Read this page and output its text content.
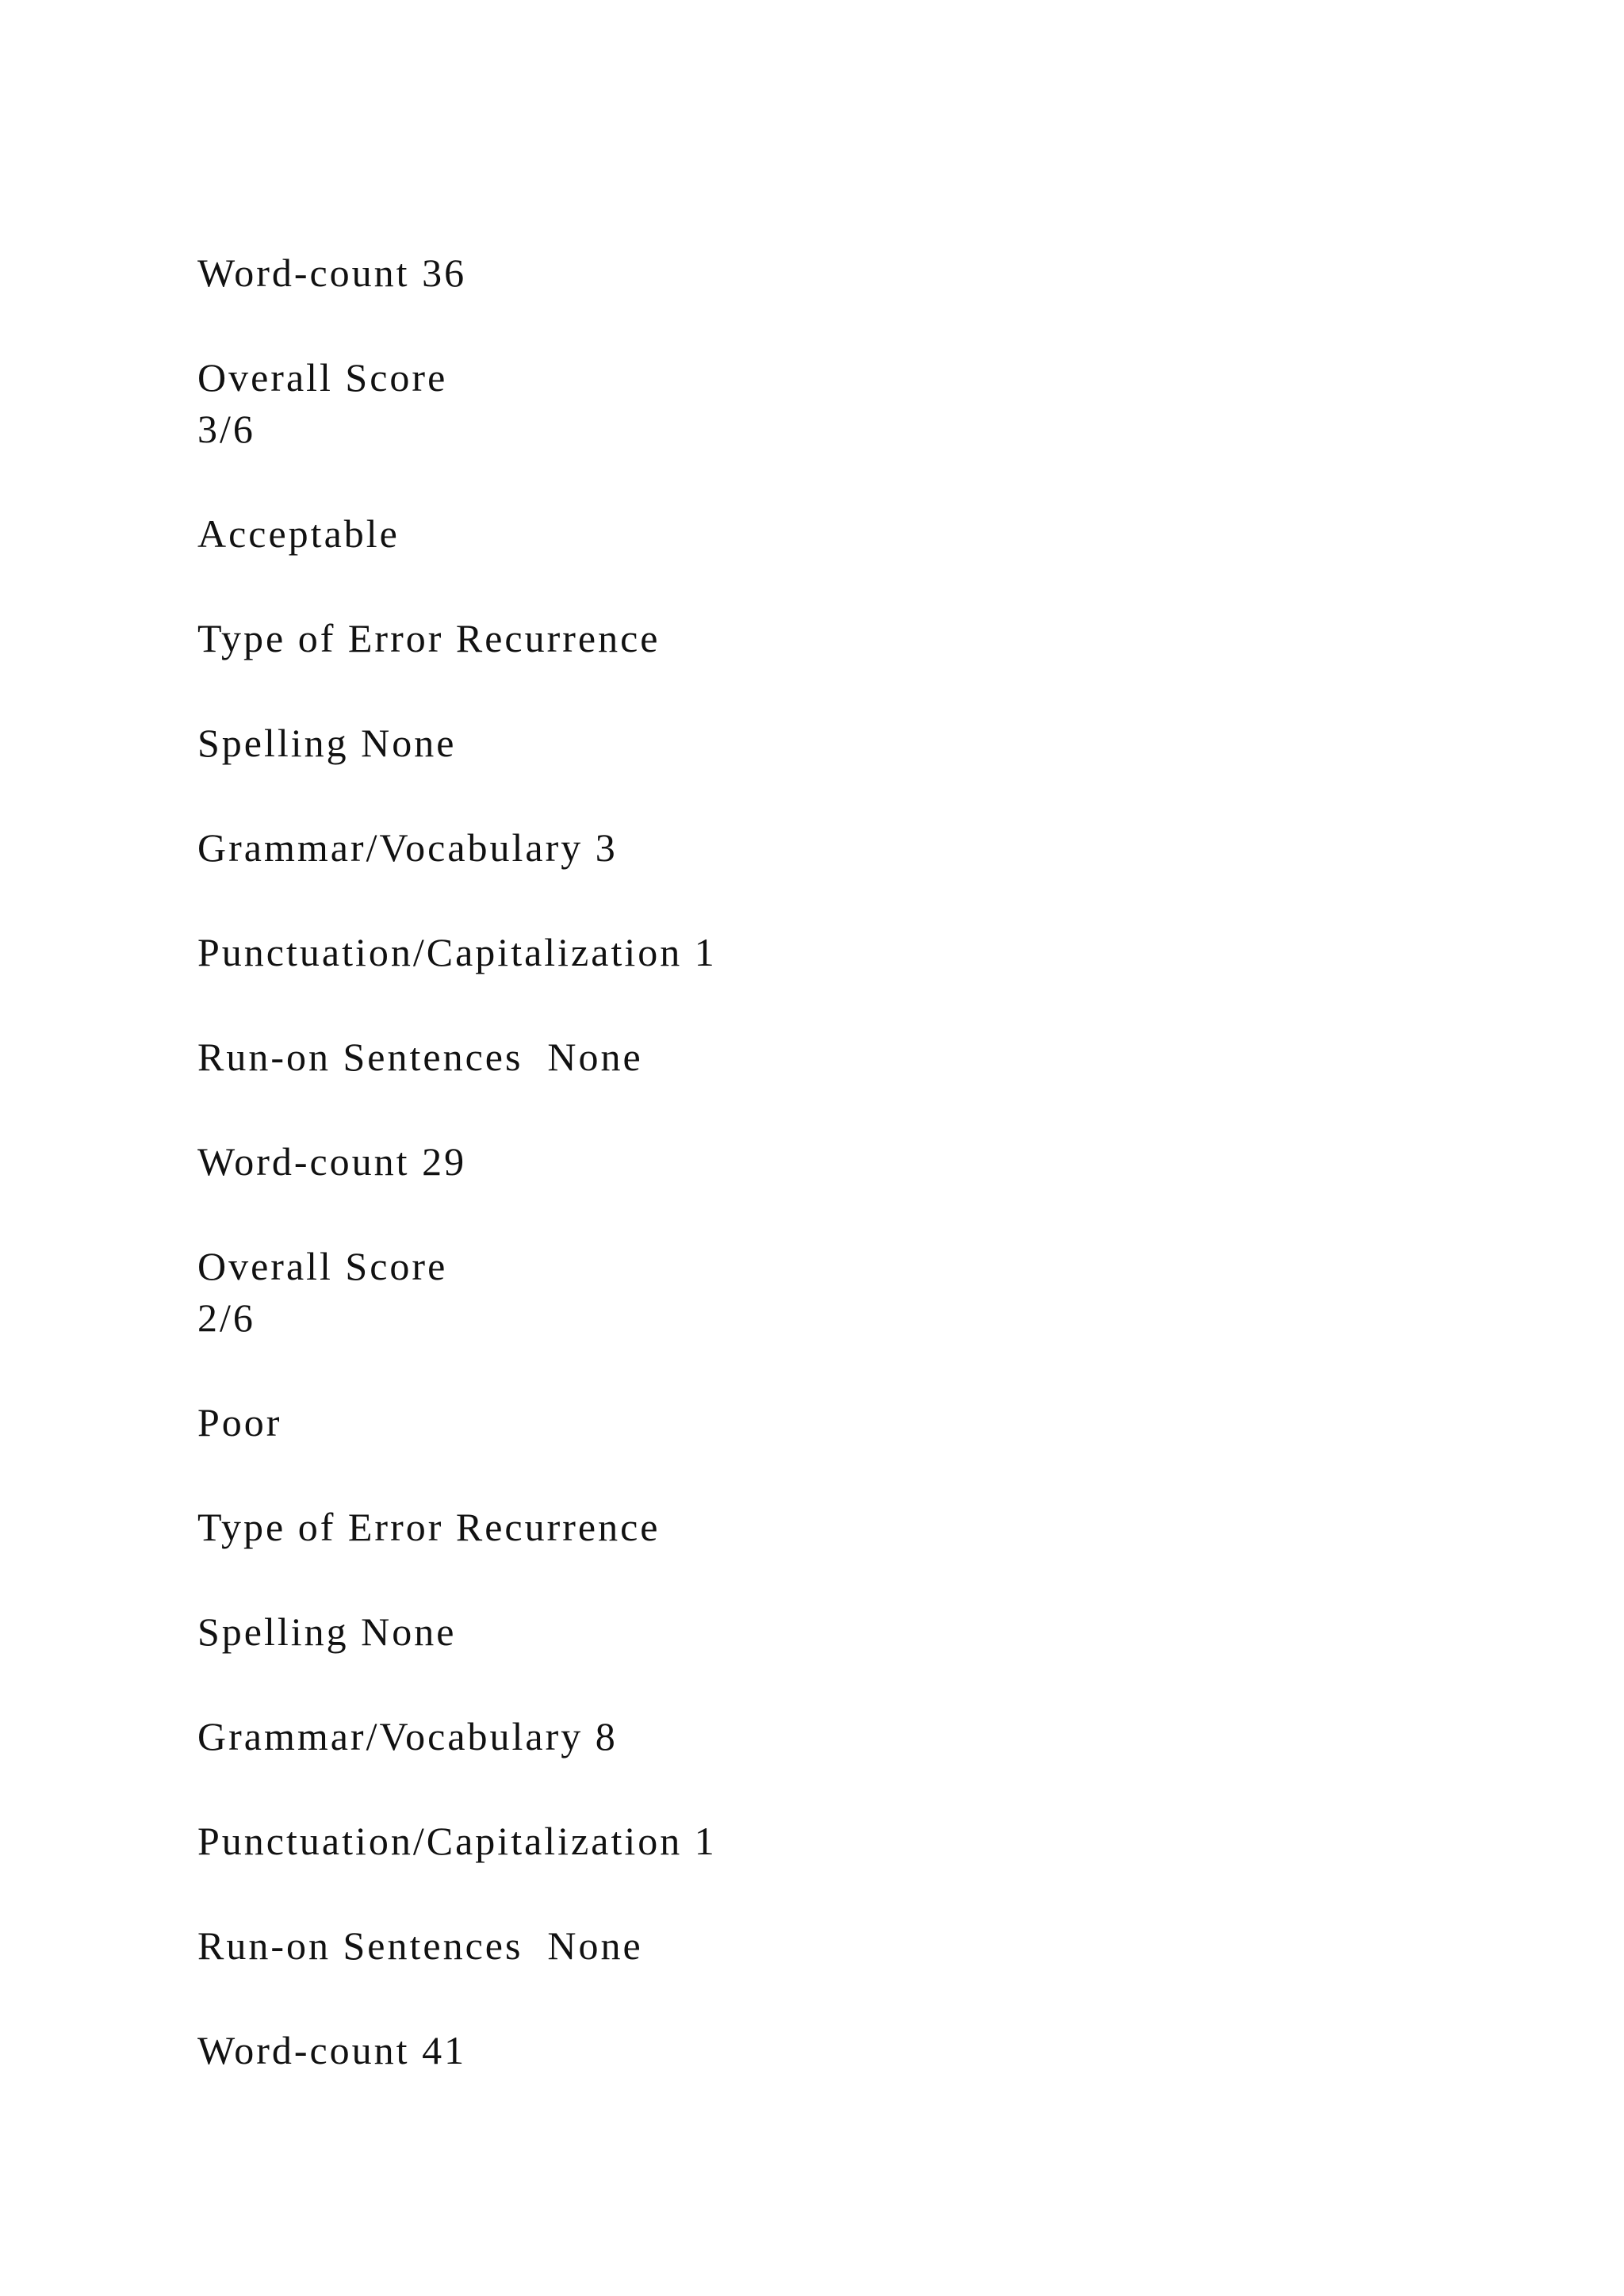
Word-count 36

Overall Score

3/6

Acceptable

Type of Error Recurrence

Spelling None

Grammar/Vocabulary 3

Punctuation/Capitalization 1

Run-on Sentences  None

Word-count 29

Overall Score

2/6

Poor

Type of Error Recurrence

Spelling None

Grammar/Vocabulary 8

Punctuation/Capitalization 1

Run-on Sentences  None

Word-count 41
